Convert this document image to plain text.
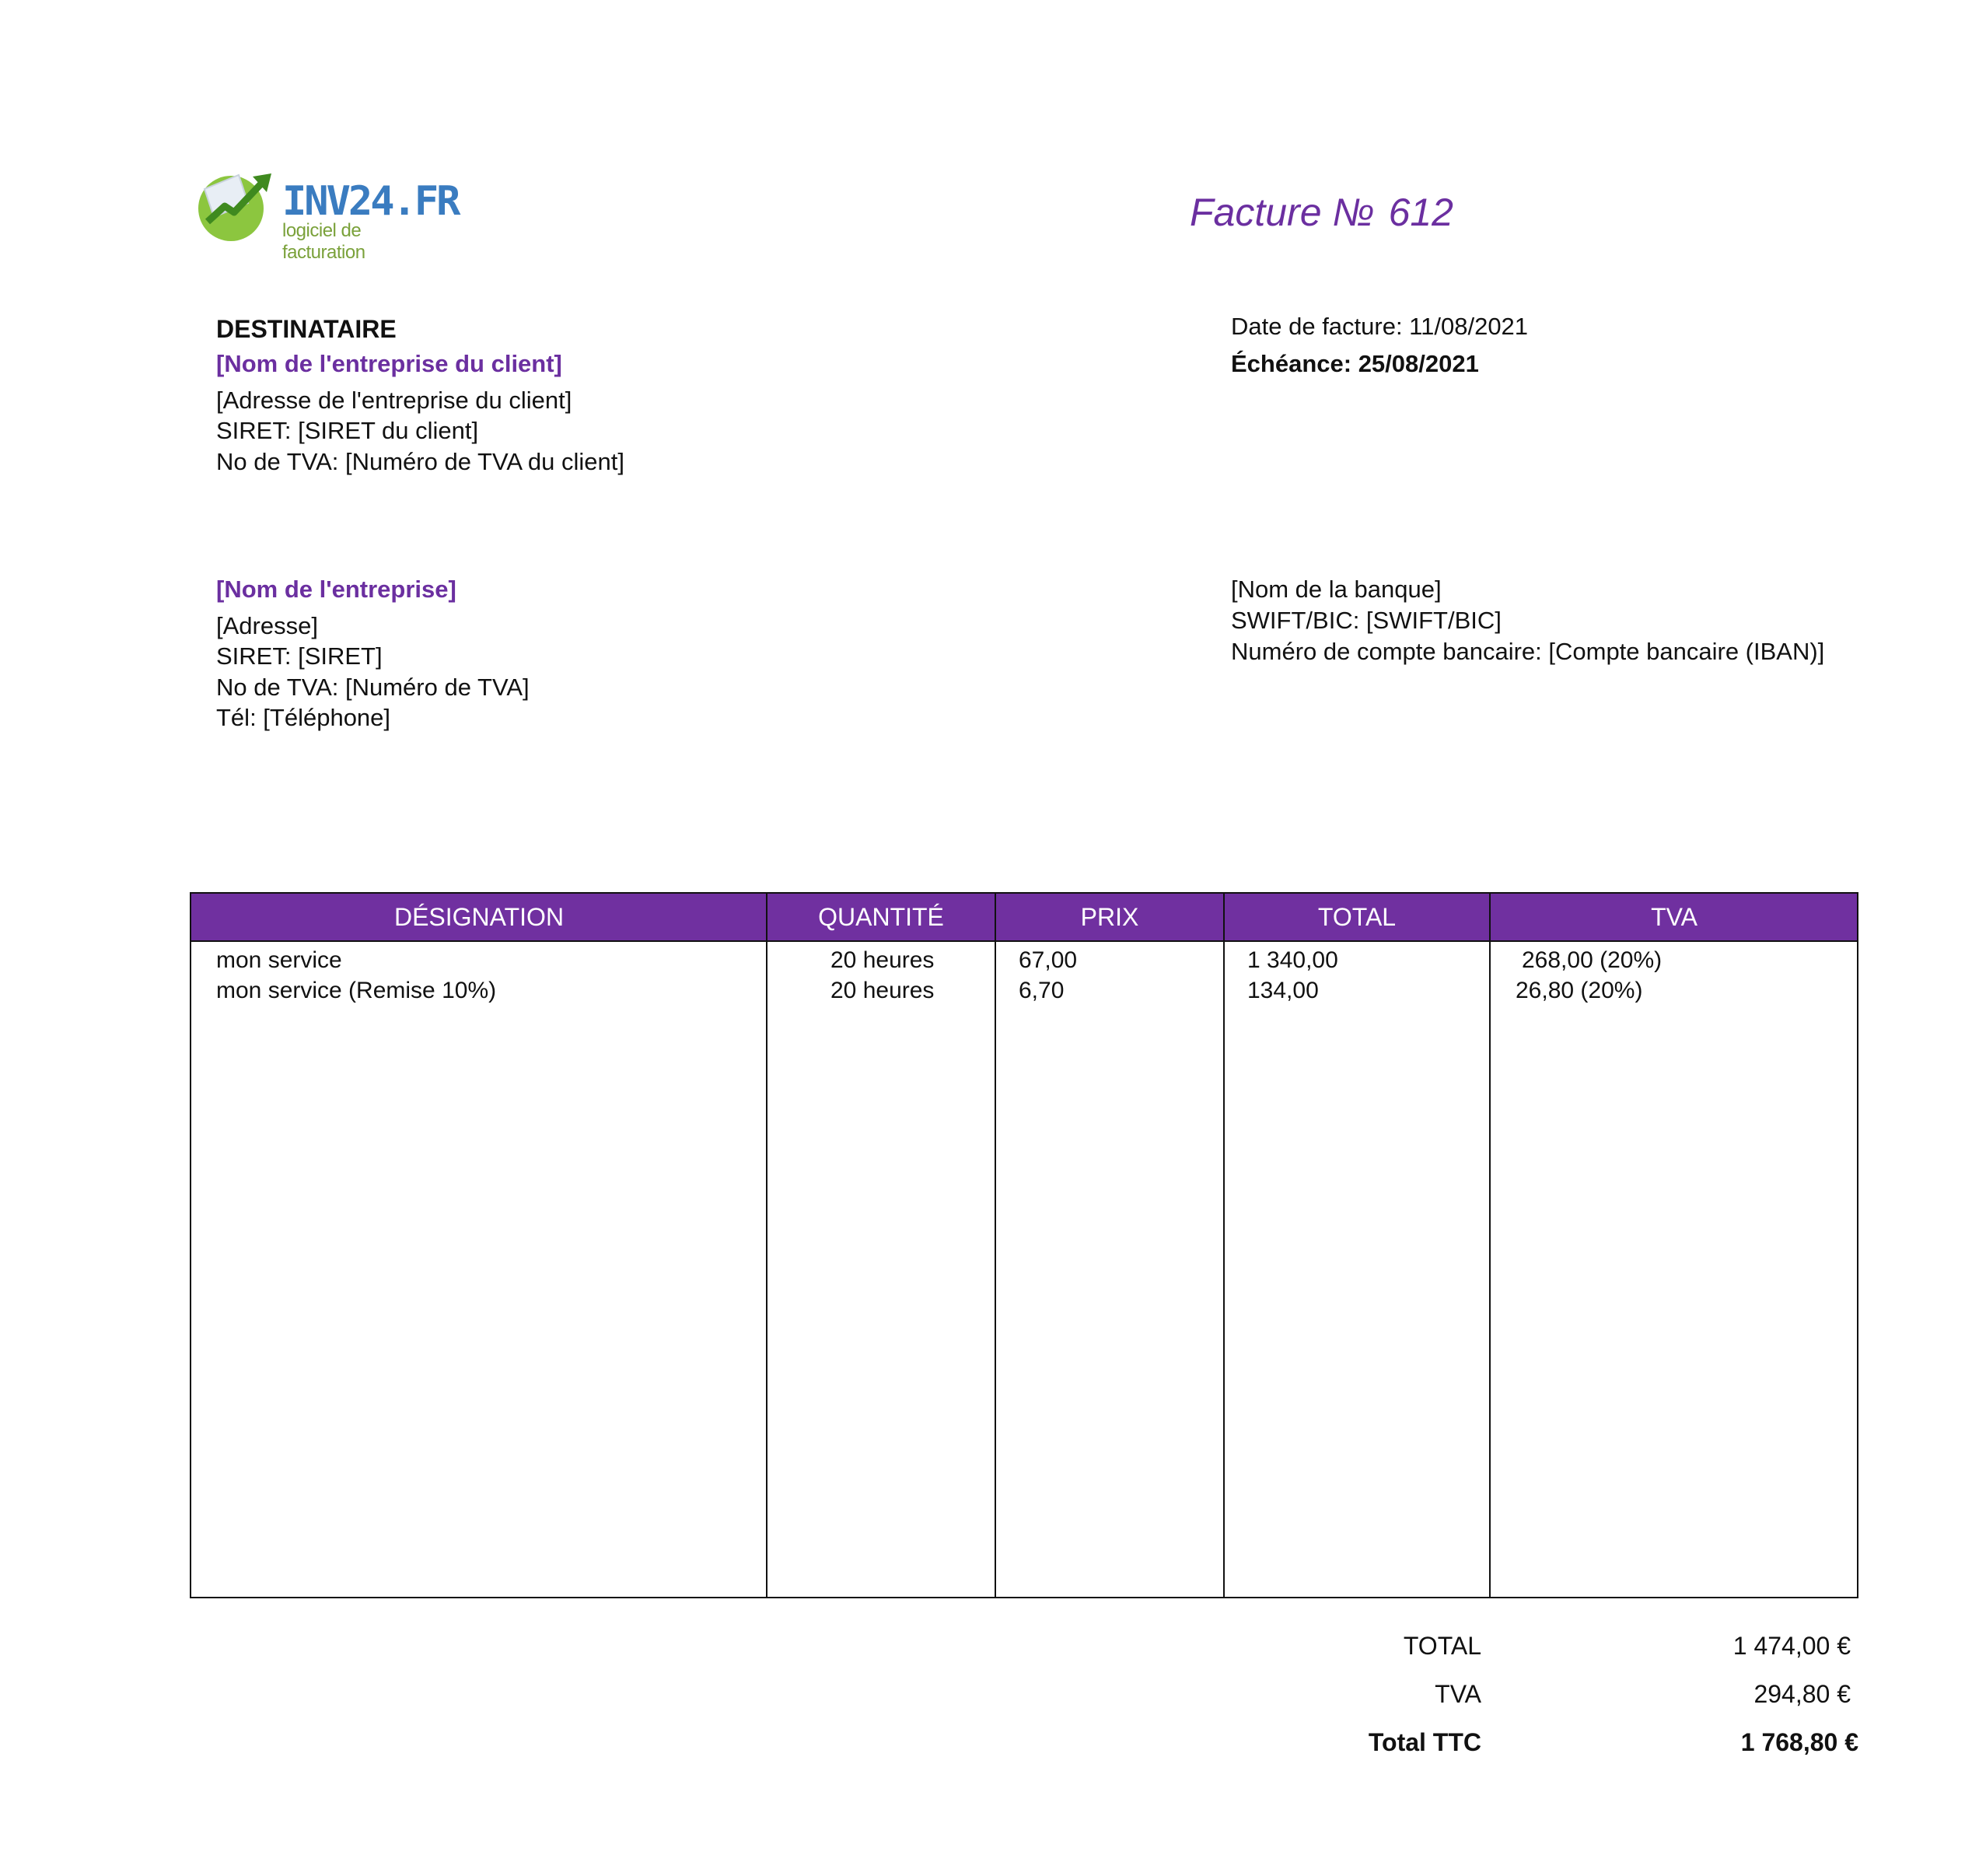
INV24.FR
logiciel de facturation
Facture № 612
DESTINATAIRE
[Nom de l'entreprise du client]
[Adresse de l'entreprise du client]
SIRET: [SIRET du client]
No de TVA: [Numéro de TVA du client]
Date de facture: 11/08/2021
Échéance: 25/08/2021
[Nom de l'entreprise]
[Adresse]
SIRET: [SIRET]
No de TVA: [Numéro de TVA]
Tél: [Téléphone]
[Nom de la banque]
SWIFT/BIC: [SWIFT/BIC]
Numéro de compte bancaire: [Compte bancaire (IBAN)]
DÉSIGNATION	QUANTITÉ	PRIX	TOTAL	TVA
mon service	20 heures	67,00	1 340,00	268,00 (20%)
mon service (Remise 10%)	20 heures	6,70	134,00	26,80 (20%)
TOTAL	1 474,00 €
TVA	294,80 €
Total TTC	1 768,80 €
